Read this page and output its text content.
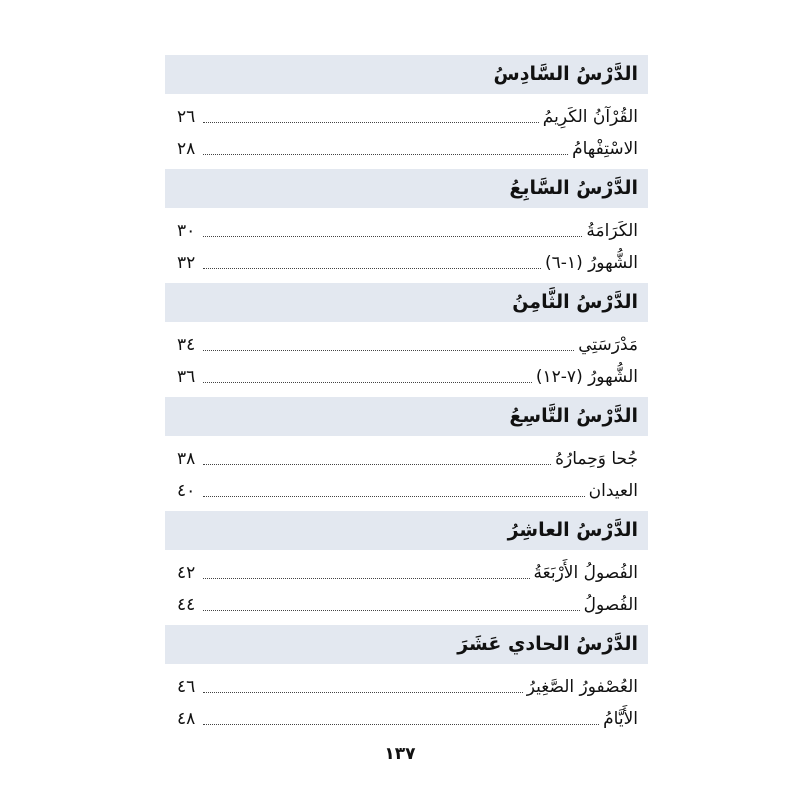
الدَّرْسُ السَّادِسُ
القُرْآنُ الكَرِيمُ
٢٦
الاسْتِفْهامُ
٢٨
الدَّرْسُ السَّابِعُ
الكَرَامَةُ
٣٠
الشُّهورُ (١-٦)
٣٢
الدَّرْسُ الثَّامِنُ
مَدْرَسَتِي
٣٤
الشُّهورُ (٧-١٢)
٣٦
الدَّرْسُ التَّاسِعُ
جُحا وَحِمارُهُ
٣٨
العيدان
٤٠
الدَّرْسُ العاشِرُ
الفُصولُ الأَرْبَعَةُ
٤٢
الفُصولُ
٤٤
الدَّرْسُ الحادي عَشَرَ
العُصْفورُ الصَّغِيرُ
٤٦
الأَيَّامُ
٤٨
١٣٧
